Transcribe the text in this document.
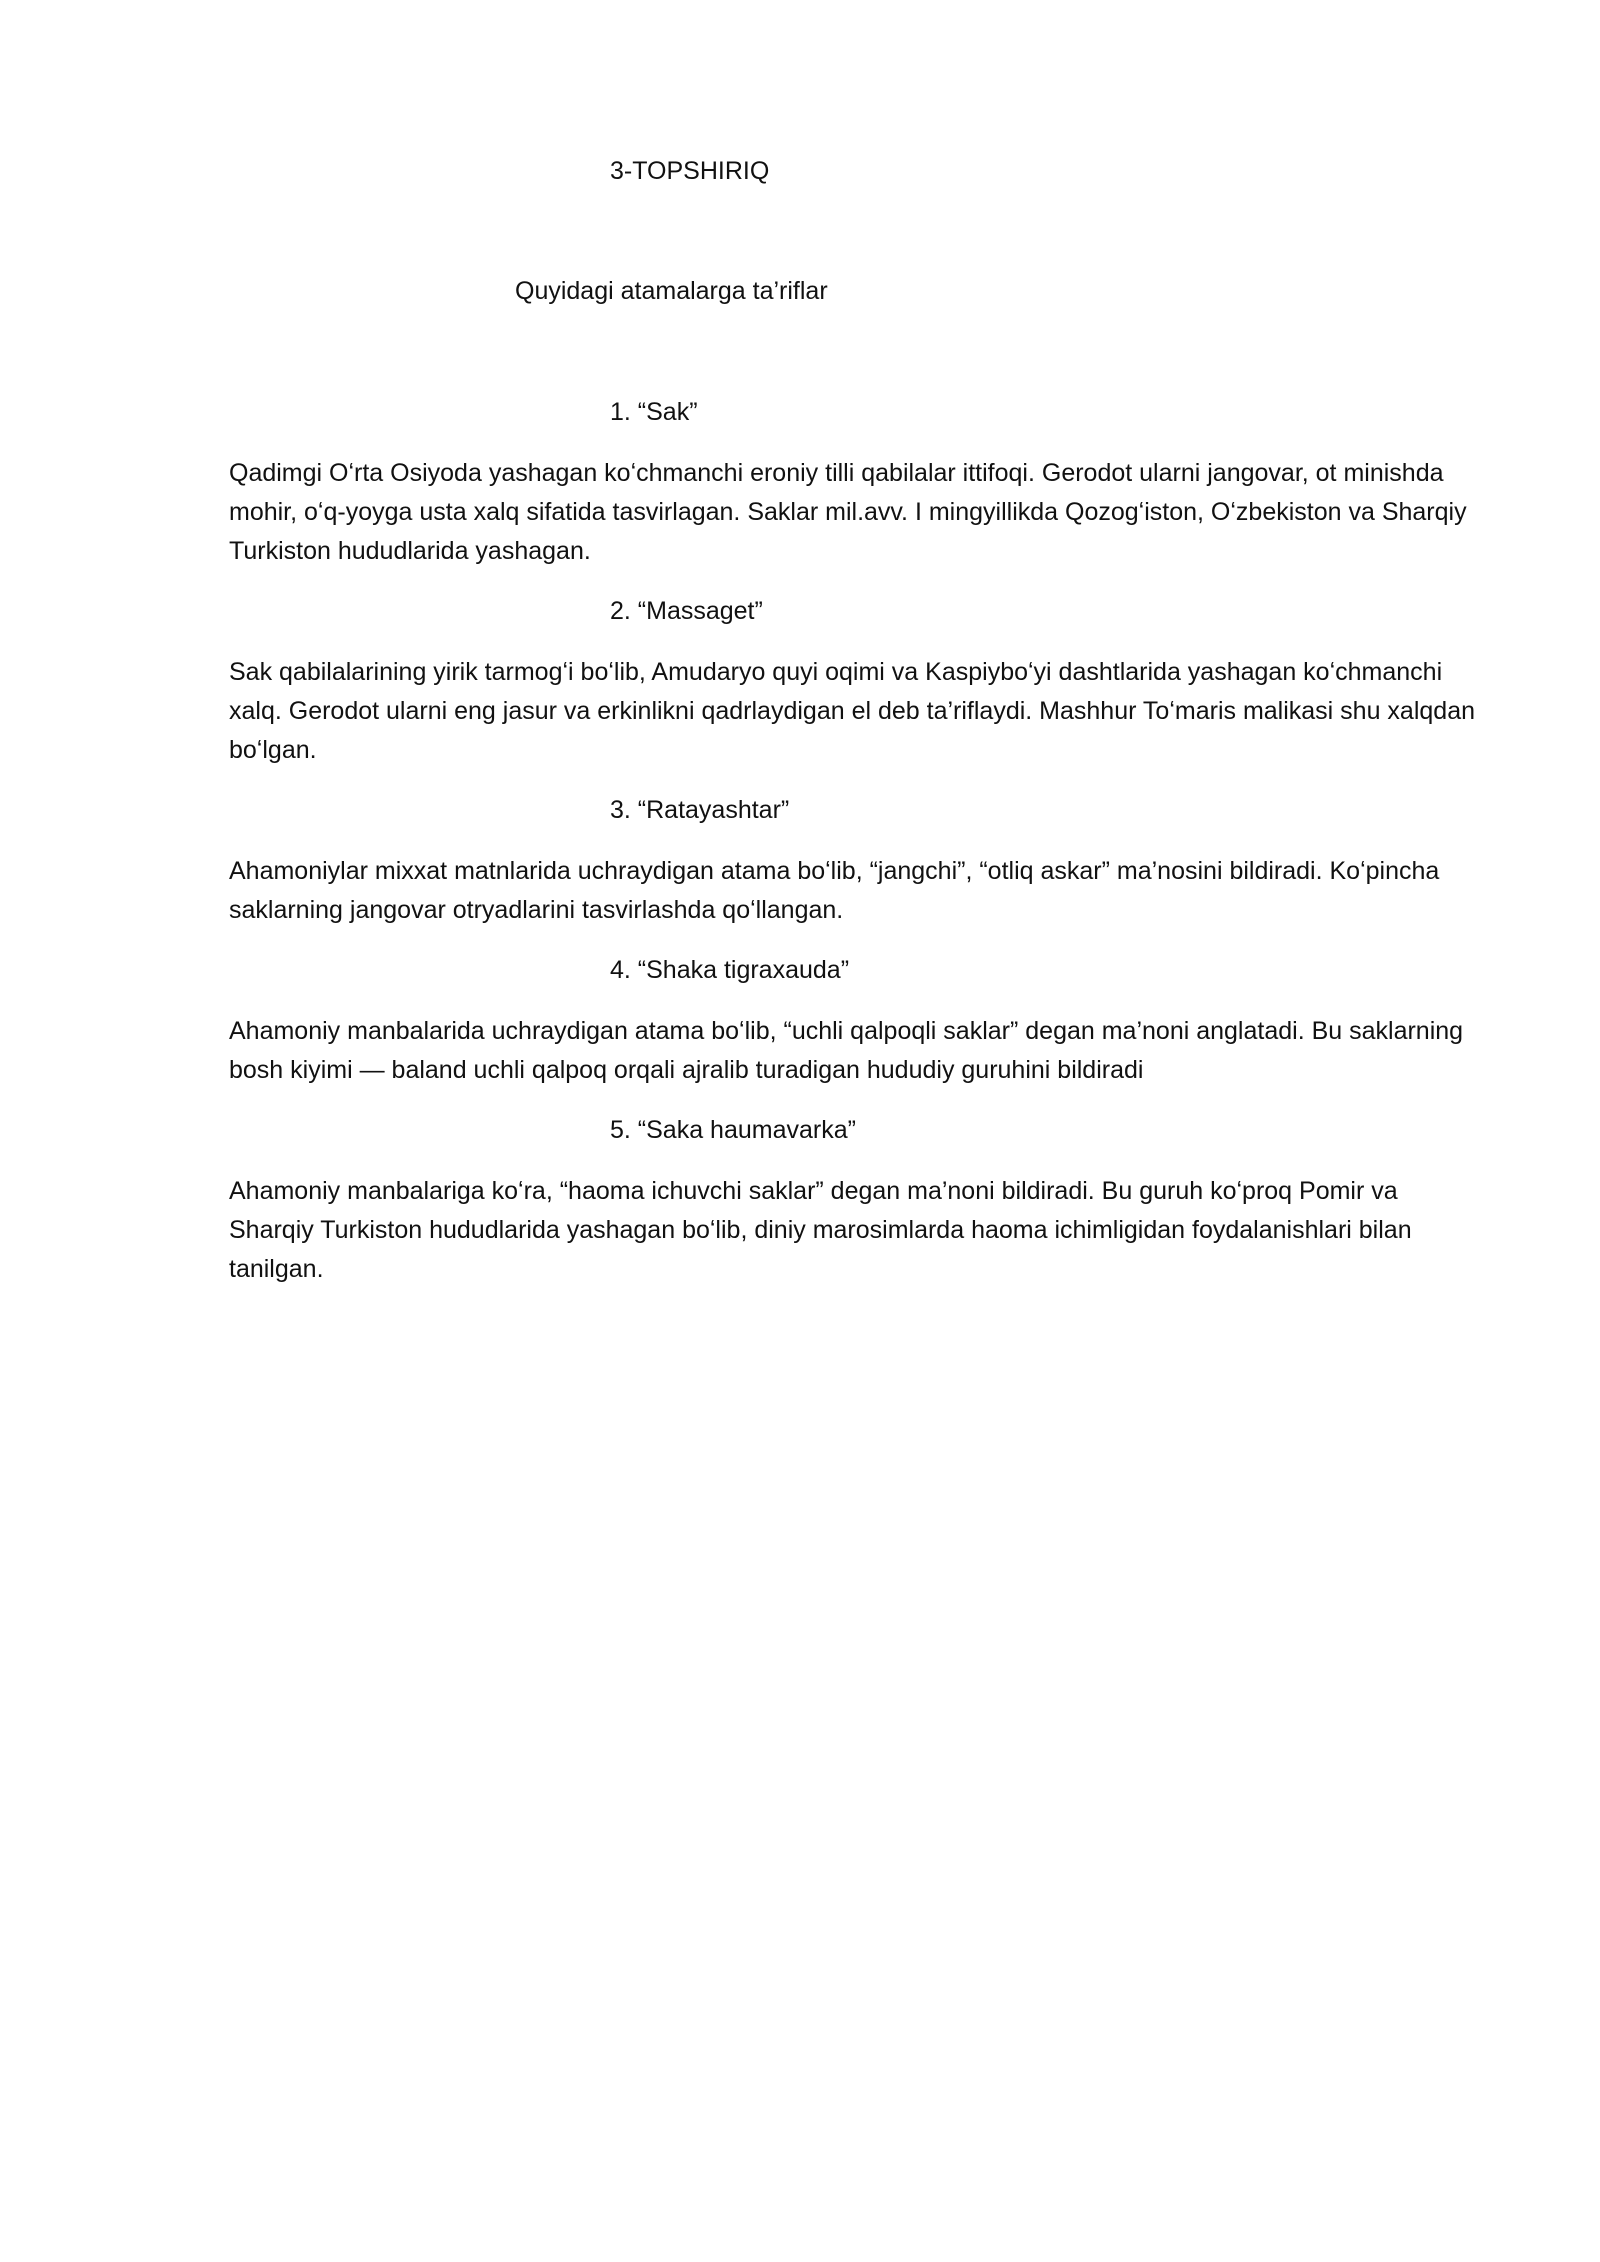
3-TOPSHIRIQ
Quyidagi atamalarga ta’riflar
1. “Sak”
Qadimgi Oʻrta Osiyoda yashagan koʻchmanchi eroniy tilli qabilalar ittifoqi. Gerodot ularni jangovar, ot minishda mohir, oʻq-yoyga usta xalq sifatida tasvirlagan. Saklar mil.avv. I mingyillikda Qozogʻiston, Oʻzbekiston va Sharqiy Turkiston hududlarida yashagan.
2. “Massaget”
Sak qabilalarining yirik tarmogʻi boʻlib, Amudaryo quyi oqimi va Kaspiyboʻyi dashtlarida yashagan koʻchmanchi xalq. Gerodot ularni eng jasur va erkinlikni qadrlaydigan el deb ta’riflaydi. Mashhur Toʻmaris malikasi shu xalqdan boʻlgan.
3. “Ratayashtar”
Ahamoniylar mixxat matnlarida uchraydigan atama boʻlib, “jangchi”, “otliq askar” ma’nosini bildiradi. Koʻpincha saklarning jangovar otryadlarini tasvirlashda qoʻllangan.
4. “Shaka tigraxauda”
Ahamoniy manbalarida uchraydigan atama boʻlib, “uchli qalpoqli saklar” degan ma’noni anglatadi. Bu saklarning bosh kiyimi — baland uchli qalpoq orqali ajralib turadigan hududiy guruhini bildiradi
5. “Saka haumavarka”
Ahamoniy manbalariga koʻra, “haoma ichuvchi saklar” degan ma’noni bildiradi. Bu guruh koʻproq Pomir va Sharqiy Turkiston hududlarida yashagan boʻlib, diniy marosimlarda haoma ichimligidan foydalanishlari bilan tanilgan.
